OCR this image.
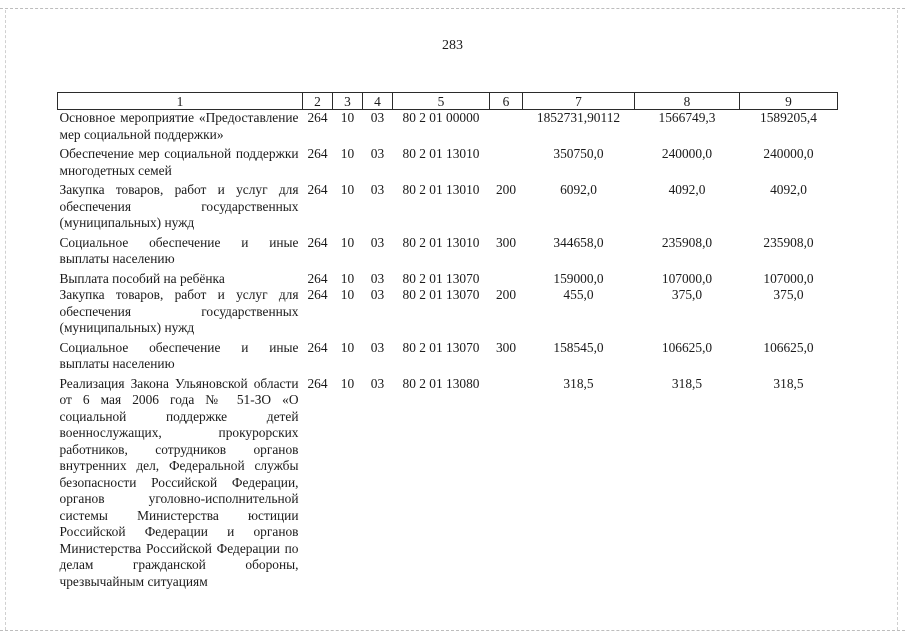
283
1	2	3	4	5	6	7	8	9
Основное мероприятие «Предоставление мер социальной поддержки»	264	10	03	80 2 01 00000		1852731,90112	1566749,3	1589205,4

Обеспечение мер социальной поддержки многодетных семей	264	10	03	80 2 01 13010		350750,0	240000,0	240000,0

Закупка товаров, работ и услуг для обеспечения государственных (муниципальных) нужд	264	10	03	80 2 01 13010	200	6092,0	4092,0	4092,0

Социальное обеспечение и иные выплаты населению	264	10	03	80 2 01 13010	300	344658,0	235908,0	235908,0

Выплата пособий на ребёнка	264	10	03	80 2 01 13070		159000,0	107000,0	107000,0
Закупка товаров, работ и услуг для обеспечения государственных (муниципальных) нужд	264	10	03	80 2 01 13070	200	455,0	375,0	375,0

Социальное обеспечение и иные выплаты населению	264	10	03	80 2 01 13070	300	158545,0	106625,0	106625,0

Реализация Закона Ульяновской области от 6 мая 2006 года № 51-ЗО «О социальной поддержке детей военнослужащих, прокурорских работников, сотрудников органов внутренних дел, Федеральной службы безопасности Российской Федерации, органов уголовно-исполнительной системы Министерства юстиции Российской Федерации и органов Министерства Российской Федерации по делам гражданской обороны, чрезвычайным ситуациям	264	10	03	80 2 01 13080		318,5	318,5	318,5
